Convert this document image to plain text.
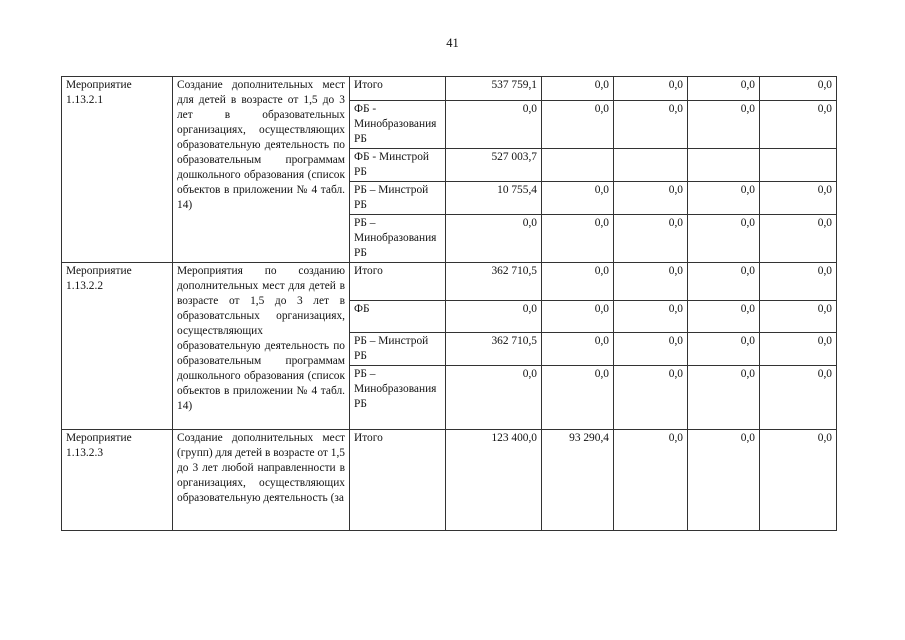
41
Мероприятие 1.13.2.1	Создание дополнительных мест для детей в возрасте от 1,5 до 3 лет в образовательных организациях, осуществляющих образовательную деятельность по образовательным программам дошкольного образования (список объектов в приложении № 4 табл. 14)	Итого	537 759,1	0,0	0,0	0,0	0,0
		ФБ - Минобразования РБ	0,0	0,0	0,0	0,0	0,0
		ФБ - Минстрой РБ	527 003,7				
		РБ – Минстрой РБ	10 755,4	0,0	0,0	0,0	0,0
		РБ – Минобразования РБ	0,0	0,0	0,0	0,0	0,0
Мероприятие 1.13.2.2	Мероприятия по созданию дополнительных мест для детей в возрасте от 1,5 до 3 лет в образоватсльных организациях, осуществляющих образовательную деятельность по образовательным программам дошкольного образования (список объектов в приложении № 4 табл. 14)	Итого	362 710,5	0,0	0,0	0,0	0,0
		ФБ	0,0	0,0	0,0	0,0	0,0
		РБ – Минстрой РБ	362 710,5	0,0	0,0	0,0	0,0
		РБ – Минобразования РБ	0,0	0,0	0,0	0,0	0,0
Мероприятие 1.13.2.3	Создание дополнительных мест (групп) для детей в возрасте от 1,5 до 3 лет любой направленности в организациях, осуществляющих образовательную деятельность (за	Итого	123 400,0	93 290,4	0,0	0,0	0,0
